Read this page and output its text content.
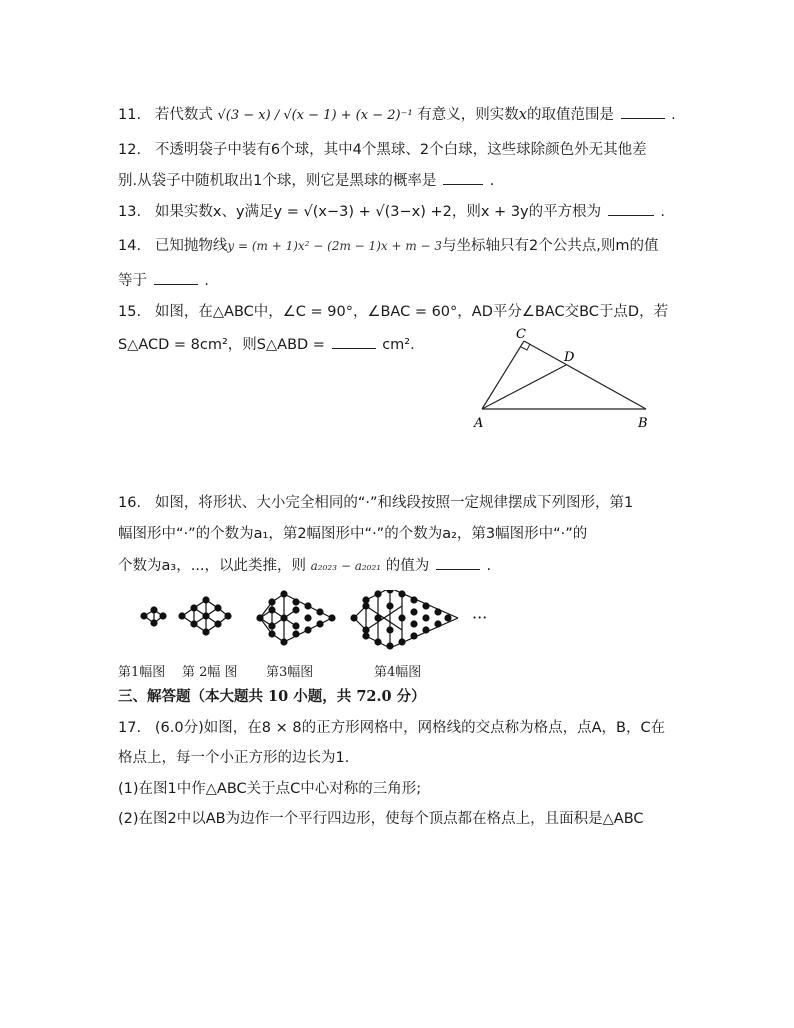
11. 若代数式 √(3 − x) / √(x − 1) + (x − 2)⁻¹ 有意义，则实数x的取值范围是	.
12. 不透明袋子中装有6个球，其中4个黑球、2个白球，这些球除颜色外无其他差
别.从袋子中随机取出1个球，则它是黑球的概率是	.
13. 如果实数x、y满足y = √(x−3) + √(3−x) +2，则x + 3y的平方根为	.
14. 已知抛物线y = (m + 1)x² − (2m − 1)x + m − 3与坐标轴只有2个公共点,则m的值
等于	.
15. 如图，在△ABC中，∠C = 90°，∠BAC = 60°，AD平分∠BAC交BC于点D，若
S△ACD = 8cm²，则S△ABD =	cm².
C
D
A	B
16. 如图，将形状、大小完全相同的“·”和线段按照一定规律摆成下列图形，第1
幅图形中“·”的个数为a₁，第2幅图形中“·”的个数为a₂，第3幅图形中“·”的
个数为a₃，...，以此类推，则 a₂₀₂₃ − a₂₀₂₁ 的值为	.
···
第1幅图 第 2幅 图 第3幅图	第4幅图
三、解答题（本大题共 10 小题，共 72.0 分）
17. (6.0分)如图，在8 × 8的正方形网格中，网格线的交点称为格点，点A，B，C在
格点上，每一个小正方形的边长为1.
(1)在图1中作△ABC关于点C中心对称的三角形;
(2)在图2中以AB为边作一个平行四边形，使每个顶点都在格点上，且面积是△ABC
